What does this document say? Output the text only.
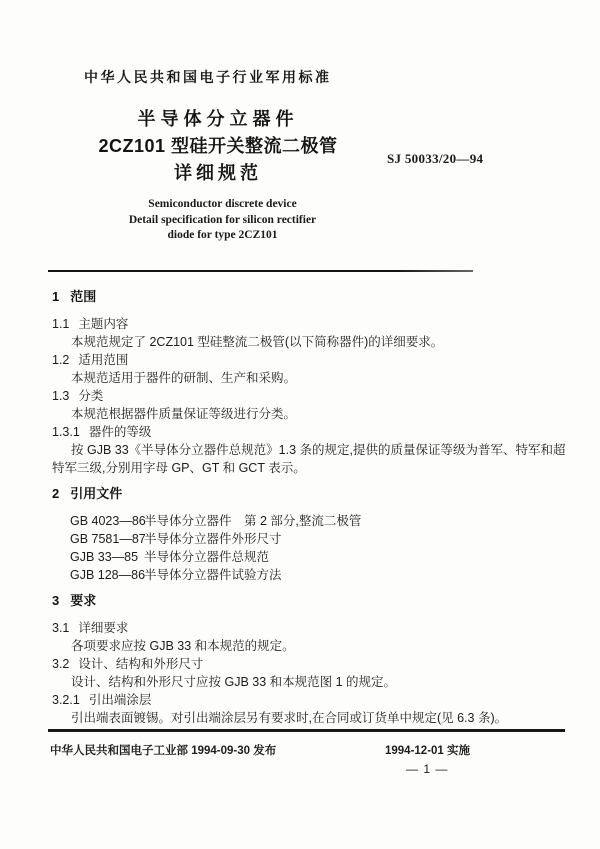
中华人民共和国电子行业军用标准
半导体分立器件
2CZ101 型硅开关整流二极管
详细规范
SJ 50033/20—94
Semiconductor discrete device
Detail specification for silicon rectifier
diode for type 2CZ101
1 范围
1.1 主题内容
本规范规定了 2CZ101 型硅整流二极管(以下简称器件)的详细要求。
1.2 适用范围
本规范适用于器件的研制、生产和采购。
1.3 分类
本规范根据器件质量保证等级进行分类。
1.3.1 器件的等级
按 GJB 33《半导体分立器件总规范》1.3 条的规定,提供的质量保证等级为普军、特军和超
特军三级,分别用字母 GP、GT 和 GCT 表示。
2 引用文件
GB 4023—86半导体分立器件　第 2 部分,整流二极管
GB 7581—87半导体分立器件外形尺寸
GJB 33—85 半导体分立器件总规范
GJB 128—86半导体分立器件试验方法
3 要求
3.1 详细要求
各项要求应按 GJB 33 和本规范的规定。
3.2 设计、结构和外形尺寸
设计、结构和外形尺寸应按 GJB 33 和本规范图 1 的规定。
3.2.1 引出端涂层
引出端表面镀锡。对引出端涂层另有要求时,在合同或订货单中规定(见 6.3 条)。
中华人民共和国电子工业部 1994-09-30 发布	1994-12-01 实施
— 1 —
